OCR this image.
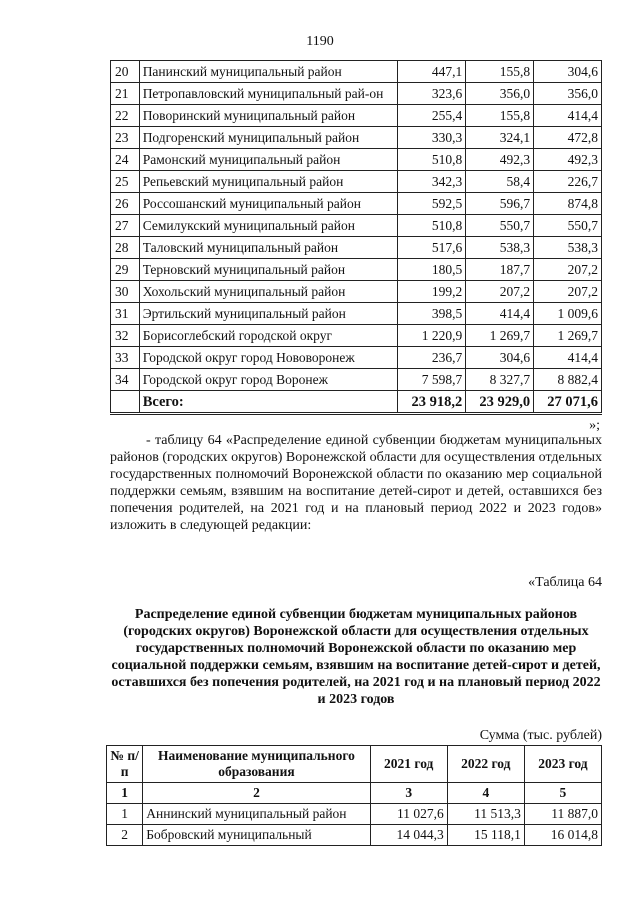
1190
20	Панинский муниципальный район	447,1	155,8	304,6
21	Петропавловский муниципальный рай-он	323,6	356,0	356,0
22	Поворинский муниципальный район	255,4	155,8	414,4
23	Подгоренский муниципальный район	330,3	324,1	472,8
24	Рамонский муниципальный район	510,8	492,3	492,3
25	Репьевский муниципальный район	342,3	58,4	226,7
26	Россошанский муниципальный район	592,5	596,7	874,8
27	Семилукский муниципальный район	510,8	550,7	550,7
28	Таловский муниципальный район	517,6	538,3	538,3
29	Терновский муниципальный район	180,5	187,7	207,2
30	Хохольский муниципальный район	199,2	207,2	207,2
31	Эртильский муниципальный район	398,5	414,4	1 009,6
32	Борисоглебский городской округ	1 220,9	1 269,7	1 269,7
33	Городской округ город Нововоронеж	236,7	304,6	414,4
34	Городской округ город Воронеж	7 598,7	8 327,7	8 882,4
	Всего:	23 918,2	23 929,0	27 071,6
»;
- таблицу 64 «Распределение единой субвенции бюджетам муниципальных районов (городских округов) Воронежской области для осуществления отдельных государственных полномочий Воронежской области по оказанию мер социальной поддержки семьям, взявшим на воспитание детей-сирот и детей, оставшихся без попечения родителей, на 2021 год и на плановый период 2022 и 2023 годов» изложить в следующей редакции:
«Таблица 64
Распределение единой субвенции бюджетам муниципальных районов (городских округов) Воронежской области для осуществления отдельных государственных полномочий Воронежской области по оказанию мер социальной поддержки семьям, взявшим на воспитание детей-сирот и детей, оставшихся без попечения родителей, на 2021 год и на плановый период 2022 и 2023 годов
Сумма (тыс. рублей)
№ п/п	Наименование муниципального образования	2021 год	2022 год	2023 год
1	2	3	4	5
1	Аннинский муниципальный район	11 027,6	11 513,3	11 887,0
2	Бобровский муниципальный	14 044,3	15 118,1	16 014,8
